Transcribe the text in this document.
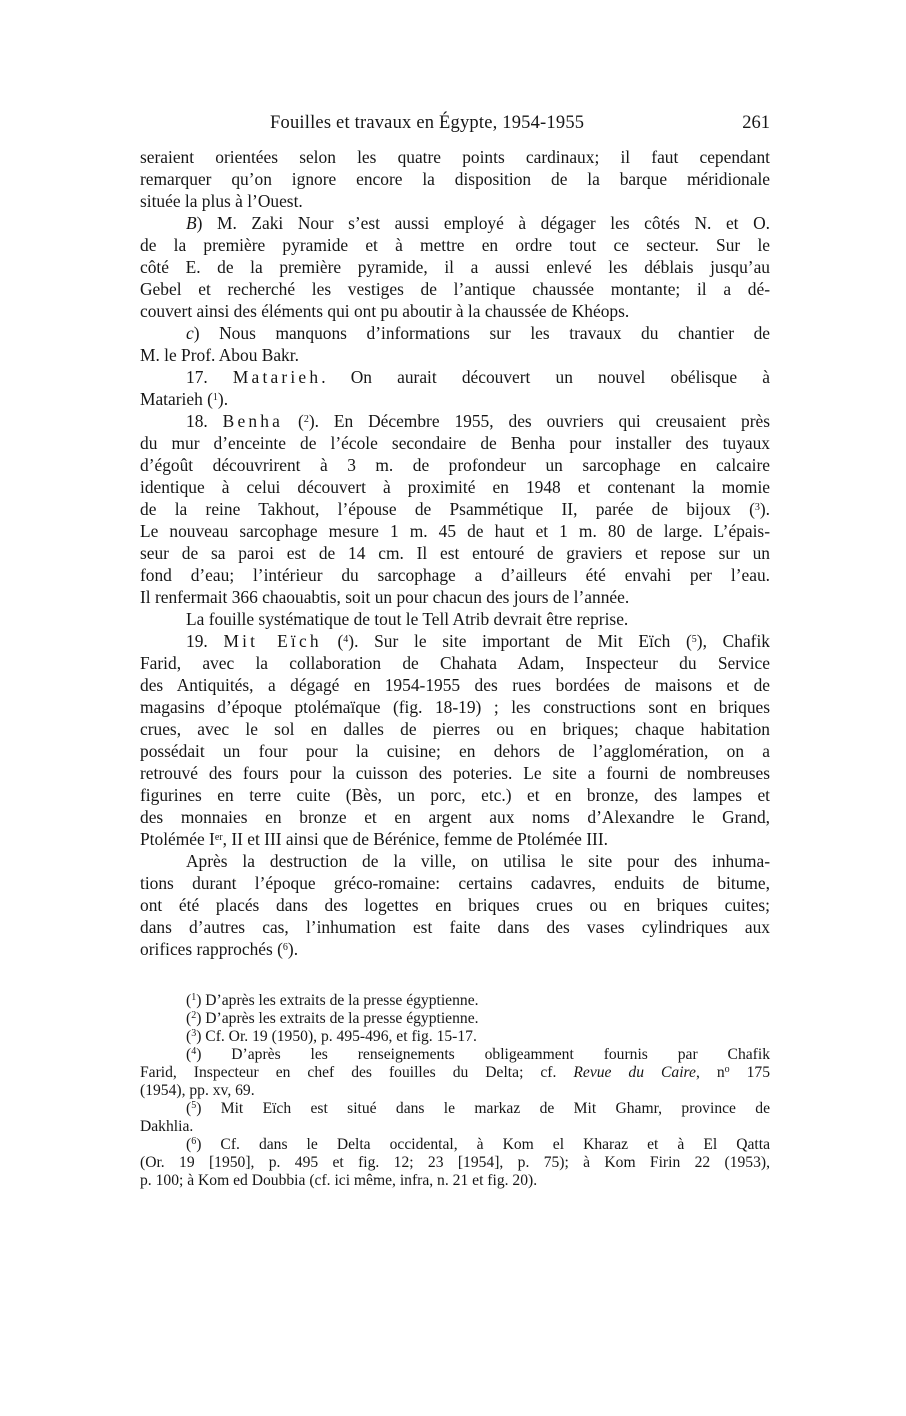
Fouilles et travaux en Égypte, 1954-1955	261
seraient orientées selon les quatre points cardinaux; il faut cependant
remarquer qu’on ignore encore la disposition de la barque méridionale
située la plus à l’Ouest.
B) M. Zaki Nour s’est aussi employé à dégager les côtés N. et O.
de la première pyramide et à mettre en ordre tout ce secteur. Sur le
côté E. de la première pyramide, il a aussi enlevé les déblais jusqu’au
Gebel et recherché les vestiges de l’antique chaussée montante; il a dé-
couvert ainsi des éléments qui ont pu aboutir à la chaussée de Khéops.
c) Nous manquons d’informations sur les travaux du chantier de
M. le Prof. Abou Bakr.
17. Matarieh. On aurait découvert un nouvel obélisque à
Matarieh ($^1$).
18. Benha ($^2$). En Décembre 1955, des ouvriers qui creusaient près
du mur d’enceinte de l’école secondaire de Benha pour installer des tuyaux
d’égoût découvrirent à 3 m. de profondeur un sarcophage en calcaire
identique à celui découvert à proximité en 1948 et contenant la momie
de la reine Takhout, l’épouse de Psammétique II, parée de bijoux ($^3$).
Le nouveau sarcophage mesure 1 m. 45 de haut et 1 m. 80 de large. L’épais-
seur de sa paroi est de 14 cm. Il est entouré de graviers et repose sur un
fond d’eau; l’intérieur du sarcophage a d’ailleurs été envahi per l’eau.
Il renfermait 366 chaouabtis, soit un pour chacun des jours de l’année.
La fouille systématique de tout le Tell Atrib devrait être reprise.
19. Mit Eïch ($^4$). Sur le site important de Mit Eïch ($^5$), Chafik
Farid, avec la collaboration de Chahata Adam, Inspecteur du Service
des Antiquités, a dégagé en 1954-1955 des rues bordées de maisons et de
magasins d’époque ptolémaïque (fig. 18-19) ; les constructions sont en briques
crues, avec le sol en dalles de pierres ou en briques; chaque habitation
possédait un four pour la cuisine; en dehors de l’agglomération, on a
retrouvé des fours pour la cuisson des poteries. Le site a fourni de nombreuses
figurines en terre cuite (Bès, un porc, etc.) et en bronze, des lampes et
des monnaies en bronze et en argent aux noms d’Alexandre le Grand,
Ptolémée Ier, II et III ainsi que de Bérénice, femme de Ptolémée III.
Après la destruction de la ville, on utilisa le site pour des inhuma-
tions durant l’époque gréco-romaine: certains cadavres, enduits de bitume,
ont été placés dans des logettes en briques crues ou en briques cuites;
dans d’autres cas, l’inhumation est faite dans des vases cylindriques aux
orifices rapprochés ($^6$).
($^1$) D’après les extraits de la presse égyptienne.
($^2$) D’après les extraits de la presse égyptienne.
($^3$) Cf. Or. 19 (1950), p. 495-496, et fig. 15-17.
($^4$) D’après les renseignements obligeamment fournis par Chafik
Farid, Inspecteur en chef des fouilles du Delta; cf. Revue du Caire, $n^o$ 175
(1954), pp. xv, 69.
($^5$) Mit Eïch est situé dans le markaz de Mit Ghamr, province de
Dakhlia.
($^6$) Cf. dans le Delta occidental, à Kom el Kharaz et à El Qatta
(Or. 19 [1950], p. 495 et fig. 12; 23 [1954], p. 75); à Kom Firin 22 (1953),
p. 100; à Kom ed Doubbia (cf. ici même, infra, n. 21 et fig. 20).
